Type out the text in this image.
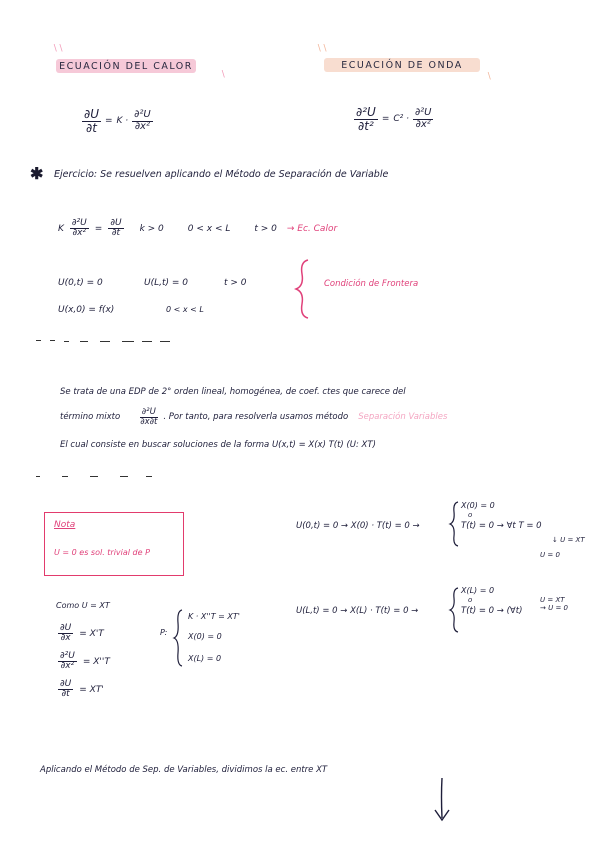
ECUACIÓN DEL CALOR
∖∖
∖
ECUACIÓN DE ONDA
∖∖
∖
$\frac{\partial U}{\partial t} = K \cdot \frac{\text{∂²U}}{\text{∂x²}}$	$\frac{\text{∂²U}}{\text{∂t²}} = C^2 \cdot \frac{\text{∂²U}}{\text{∂x²}}$
✱ Ejercicio: Se resuelven aplicando el Método de Separación de Variable
K $\frac{\text{∂²U}}{\text{∂x²}} = \frac{\partial U}{\partial t}$ k > 0	0 < x < L	t > 0 → Ec. Calor
U(0,t) = 0	U(L,t) = 0	t > 0
U(x,0) = f(x)	0 < x < L
Condición de Frontera
Se trata de una EDP de 2° orden lineal, homogénea, de coef. ctes que carece del
término mixto $\frac{\text{∂²U}}{\partial x\partial t}$ . Por tanto, para resolverla usamos método Separación Variables
El cual consiste en buscar soluciones de la forma U(x,t) = X(x) T(t) (U: XT)
Nota
U = 0 es sol. trivial de P
U(0,t) = 0 → X(0) · T(t) = 0 →
X(0) = 0
o
T(t) = 0 → ∀t T = 0
↓ U = XT
U = 0
Como U = XT
$\frac{\partial U}{\partial x} = X'T$
$\frac{\text{∂²U}}{\text{∂x²}} = X''T$
$\frac{\partial U}{\partial t} = XT'$
P:
K · X''T = XT'
X(0) = 0
X(L) = 0
U(L,t) = 0 → X(L) · T(t) = 0 →
X(L) = 0
o
T(t) = 0 → (∀t)
U = XT
→ U = 0
Aplicando el Método de Sep. de Variables, dividimos la ec. entre XT
